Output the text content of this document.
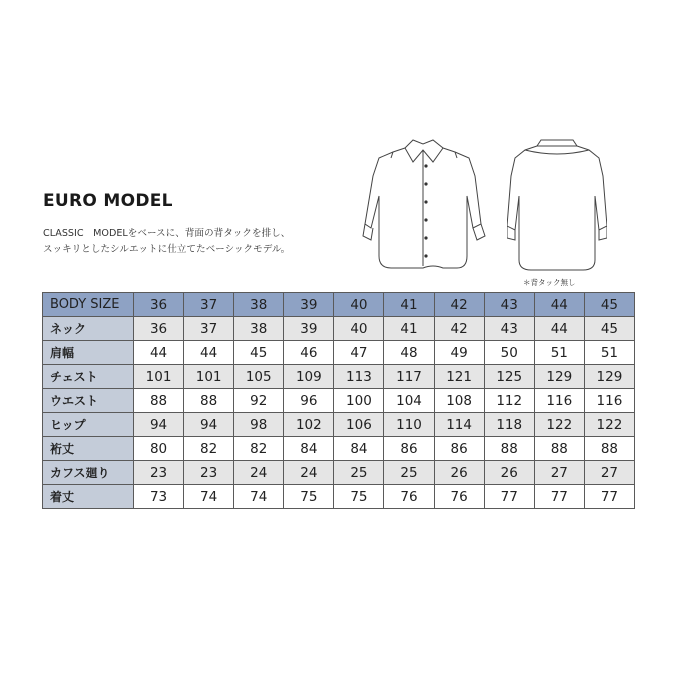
EURO MODEL
CLASSIC　MODELをベースに、背面の背タックを排し、
スッキリとしたシルエットに仕立てたベーシックモデル。
＊背タック無し
BODY SIZE	36	37	38	39	40	41	42	43	44	45
ネック	36	37	38	39	40	41	42	43	44	45
肩幅	44	44	45	46	47	48	49	50	51	51
チェスト	101	101	105	109	113	117	121	125	129	129
ウエスト	88	88	92	96	100	104	108	112	116	116
ヒップ	94	94	98	102	106	110	114	118	122	122
裄丈	80	82	82	84	84	86	86	88	88	88
カフス廻り	23	23	24	24	25	25	26	26	27	27
着丈	73	74	74	75	75	76	76	77	77	77
